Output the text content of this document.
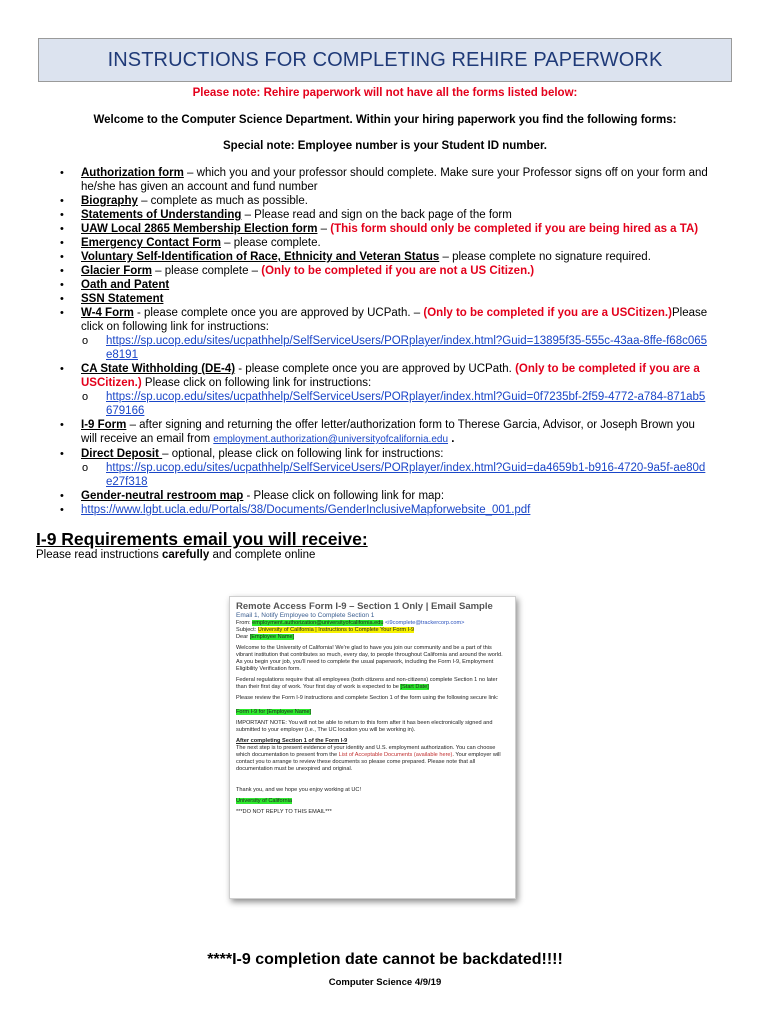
INSTRUCTIONS FOR COMPLETING REHIRE PAPERWORK
Please note: Rehire paperwork will not have all the forms listed below:
Welcome to the Computer Science Department. Within your hiring paperwork you find the following forms:
Special note: Employee number is your Student ID number.
• Authorization form – which you and your professor should complete. Make sure your Professor signs off on your form and he/she has given an account and fund number
• Biography – complete as much as possible.
• Statements of Understanding – Please read and sign on the back page of the form
• UAW Local 2865 Membership Election form – (This form should only be completed if you are being hired as a TA)
• Emergency Contact Form – please complete.
• Voluntary Self-Identification of Race, Ethnicity and Veteran Status – please complete no signature required.
• Glacier Form – please complete – (Only to be completed if you are not a US Citizen.)
• Oath and Patent
• SSN Statement
• W-4 Form - please complete once you are approved by UCPath. – (Only to be completed if you are a USCitizen.)Please click on following link for instructions:
o https://sp.ucop.edu/sites/ucpathhelp/SelfServiceUsers/PORplayer/index.html?Guid=13895f35-555c-43aa-8ffe-f68c065e8191
• CA State Withholding (DE-4) - please complete once you are approved by UCPath. (Only to be completed if you are a USCitizen.) Please click on following link for instructions:
o https://sp.ucop.edu/sites/ucpathhelp/SelfServiceUsers/PORplayer/index.html?Guid=0f7235bf-2f59-4772-a784-871ab5679166
• I-9 Form – after signing and returning the offer letter/authorization form to Therese Garcia, Advisor, or Joseph Brown you will receive an email from employment.authorization@universityofcalifornia.edu .
• Direct Deposit – optional, please click on following link for instructions:
o https://sp.ucop.edu/sites/ucpathhelp/SelfServiceUsers/PORplayer/index.html?Guid=da4659b1-b916-4720-9a5f-ae80de27f318
• Gender-neutral restroom map - Please click on following link for map:
• https://www.lgbt.ucla.edu/Portals/38/Documents/GenderInclusiveMapforwebsite_001.pdf
I-9 Requirements email you will receive:
Please read instructions carefully and complete online
Remote Access Form I-9 – Section 1 Only | Email Sample
Email 1, Notify Employee to Complete Section 1
From: employment.authorization@universityofcalifornia.edu <i9complete@trackercorp.com>
Subject: University of California | Instructions to Complete Your Form I-9

Dear [Employee Name]

Welcome to the University of California! We're glad to have you join our community and be a part of this vibrant institution that contributes so much, every day, to people throughout California and around the world. As you begin your job, you'll need to complete the usual paperwork, including the Form I-9, Employment Eligibility Verification form.

Federal regulations require that all employees (both citizens and non-citizens) complete Section 1 no later than their first day of work. Your first day of work is expected to be [Start Date]

Please review the Form I-9 instructions and complete Section 1 of the form using the following secure link:

Form I-9 for [Employee Name]

IMPORTANT NOTE: You will not be able to return to this form after it has been electronically signed and submitted to your employer (i.e., The UC location you will be working in).

After completing Section 1 of the Form I-9
The next step is to present evidence of your identity and U.S. employment authorization. You can choose which documentation to present from the List of Acceptable Documents (available here). Your employer will contact you to arrange to review these documents so please come prepared. Please note that all documentation must be unexpired and original.

Thank you, and we hope you enjoy working at UC!

University of California

***DO NOT REPLY TO THIS EMAIL***

****I-9 completion date cannot be backdated!!!!
Computer Science 4/9/19
